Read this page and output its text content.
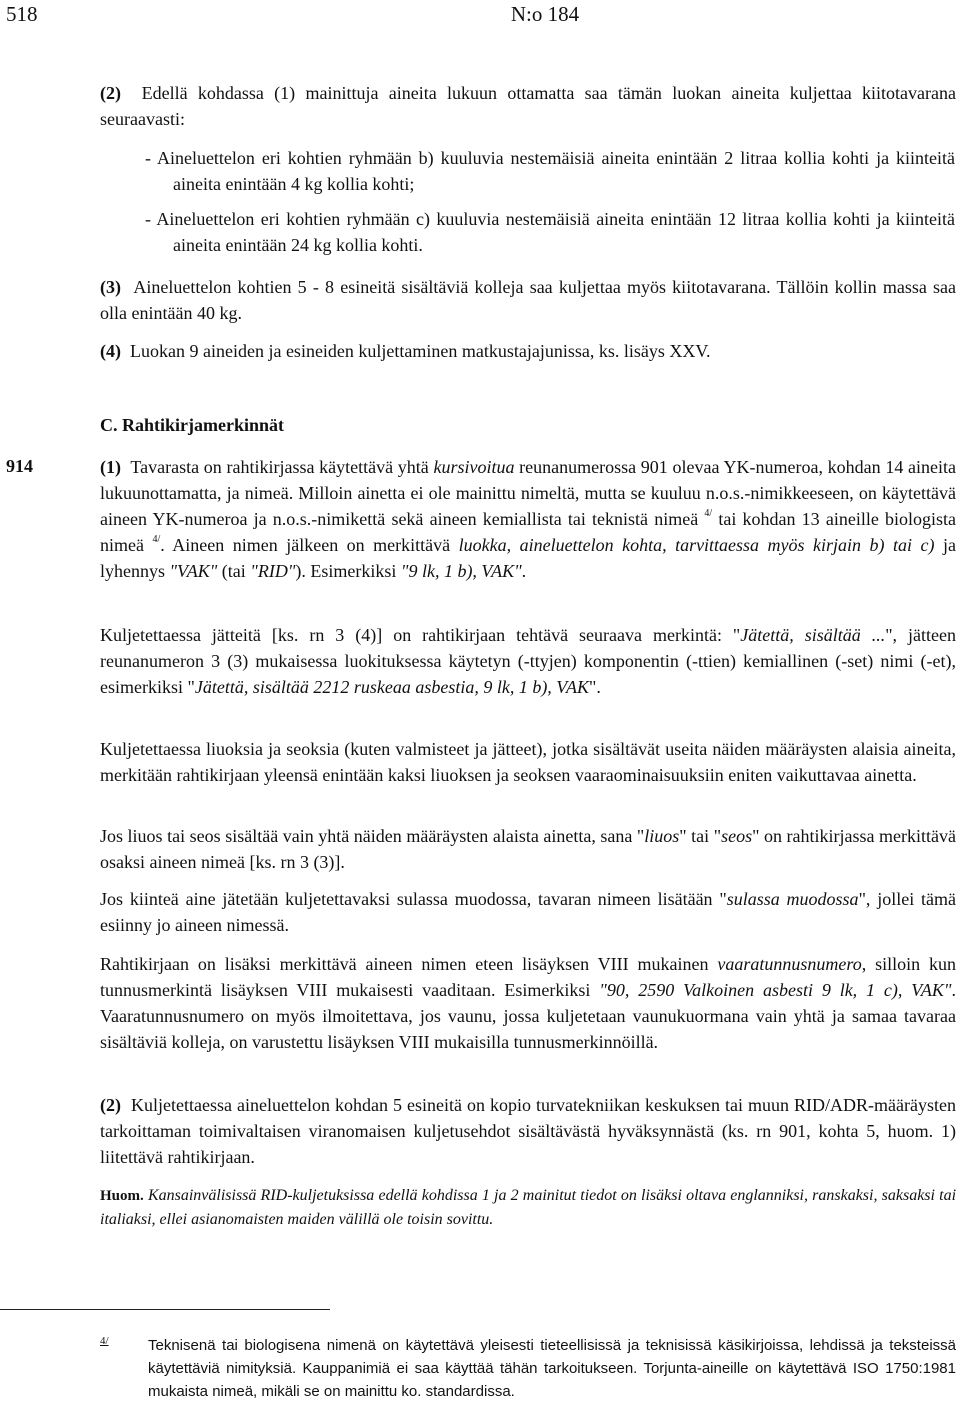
518	N:o 184

(2) Edellä kohdassa (1) mainittuja aineita lukuun ottamatta saa tämän luokan aineita kuljettaa kiitotavarana seuraavasti:

- Aineluettelon eri kohtien ryhmään b) kuuluvia nestemäisiä aineita enintään 2 litraa kollia kohti ja kiinteitä aineita enintään 4 kg kollia kohti;

- Aineluettelon eri kohtien ryhmään c) kuuluvia nestemäisiä aineita enintään 12 litraa kollia kohti ja kiinteitä aineita enintään 24 kg kollia kohti.

(3) Aineluettelon kohtien 5 - 8 esineitä sisältäviä kolleja saa kuljettaa myös kiitotavarana. Tällöin kollin massa saa olla enintään 40 kg.

(4) Luokan 9 aineiden ja esineiden kuljettaminen matkustajajunissa, ks. lisäys XXV.

C. Rahtikirjamerkinnät

914	(1) Tavarasta on rahtikirjassa käytettävä yhtä kursivoitua reunanumerossa 901 olevaa YK-numeroa, kohdan 14 aineita lukuunottamatta, ja nimeä. Milloin ainetta ei ole mainittu nimeltä, mutta se kuuluu n.o.s.-nimikkeeseen, on käytettävä aineen YK-numeroa ja n.o.s.-nimikettä sekä aineen kemiallista tai teknistä nimeä $^{4/}$ tai kohdan 13 aineille biologista nimeä $^{4/}$. Aineen nimen jälkeen on merkittävä luokka, aineluettelon kohta, tarvittaessa myös kirjain b) tai c) ja lyhennys "VAK" (tai "RID"). Esimerkiksi "9 lk, 1 b), VAK".

Kuljetettaessa jätteitä [ks. rn 3 (4)] on rahtikirjaan tehtävä seuraava merkintä: "Jätettä, sisältää ...", jätteen reunanumeron 3 (3) mukaisessa luokituksessa käytetyn (-ttyjen) komponentin (-ttien) kemiallinen (-set) nimi (-et), esimerkiksi "Jätettä, sisältää 2212 ruskeaa asbestia, 9 lk, 1 b), VAK".

Kuljetettaessa liuoksia ja seoksia (kuten valmisteet ja jätteet), jotka sisältävät useita näiden määräysten alaisia aineita, merkitään rahtikirjaan yleensä enintään kaksi liuoksen ja seoksen vaaraominaisuuksiin eniten vaikuttavaa ainetta.

Jos liuos tai seos sisältää vain yhtä näiden määräysten alaista ainetta, sana "liuos" tai "seos" on rahtikirjassa merkittävä osaksi aineen nimeä [ks. rn 3 (3)].

Jos kiinteä aine jätetään kuljetettavaksi sulassa muodossa, tavaran nimeen lisätään "sulassa muodossa", jollei tämä esiinny jo aineen nimessä.

Rahtikirjaan on lisäksi merkittävä aineen nimen eteen lisäyksen VIII mukainen vaaratunnusnumero, silloin kun tunnusmerkintä lisäyksen VIII mukaisesti vaaditaan. Esimerkiksi "90, 2590 Valkoinen asbesti 9 lk, 1 c), VAK". Vaaratunnusnumero on myös ilmoitettava, jos vaunu, jossa kuljetetaan vaunukuormana vain yhtä ja samaa tavaraa sisältäviä kolleja, on varustettu lisäyksen VIII mukaisilla tunnusmerkinnöillä.

(2) Kuljetettaessa aineluettelon kohdan 5 esineitä on kopio turvatekniikan keskuksen tai muun RID/ADR-määräysten tarkoittaman toimivaltaisen viranomaisen kuljetusehdot sisältävästä hyväksynnästä (ks. rn 901, kohta 5, huom. 1) liitettävä rahtikirjaan.

Huom. Kansainvälisissä RID-kuljetuksissa edellä kohdissa 1 ja 2 mainitut tiedot on lisäksi oltava englanniksi, ranskaksi, saksaksi tai italiaksi, ellei asianomaisten maiden välillä ole toisin sovittu.

4/	Teknisenä tai biologisena nimenä on käytettävä yleisesti tieteellisissä ja teknisissä käsikirjoissa, lehdissä ja teksteissä käytettäviä nimityksiä. Kauppanimiä ei saa käyttää tähän tarkoitukseen. Torjunta-aineille on käytettävä ISO 1750:1981 mukaista nimeä, mikäli se on mainittu ko. standardissa.
